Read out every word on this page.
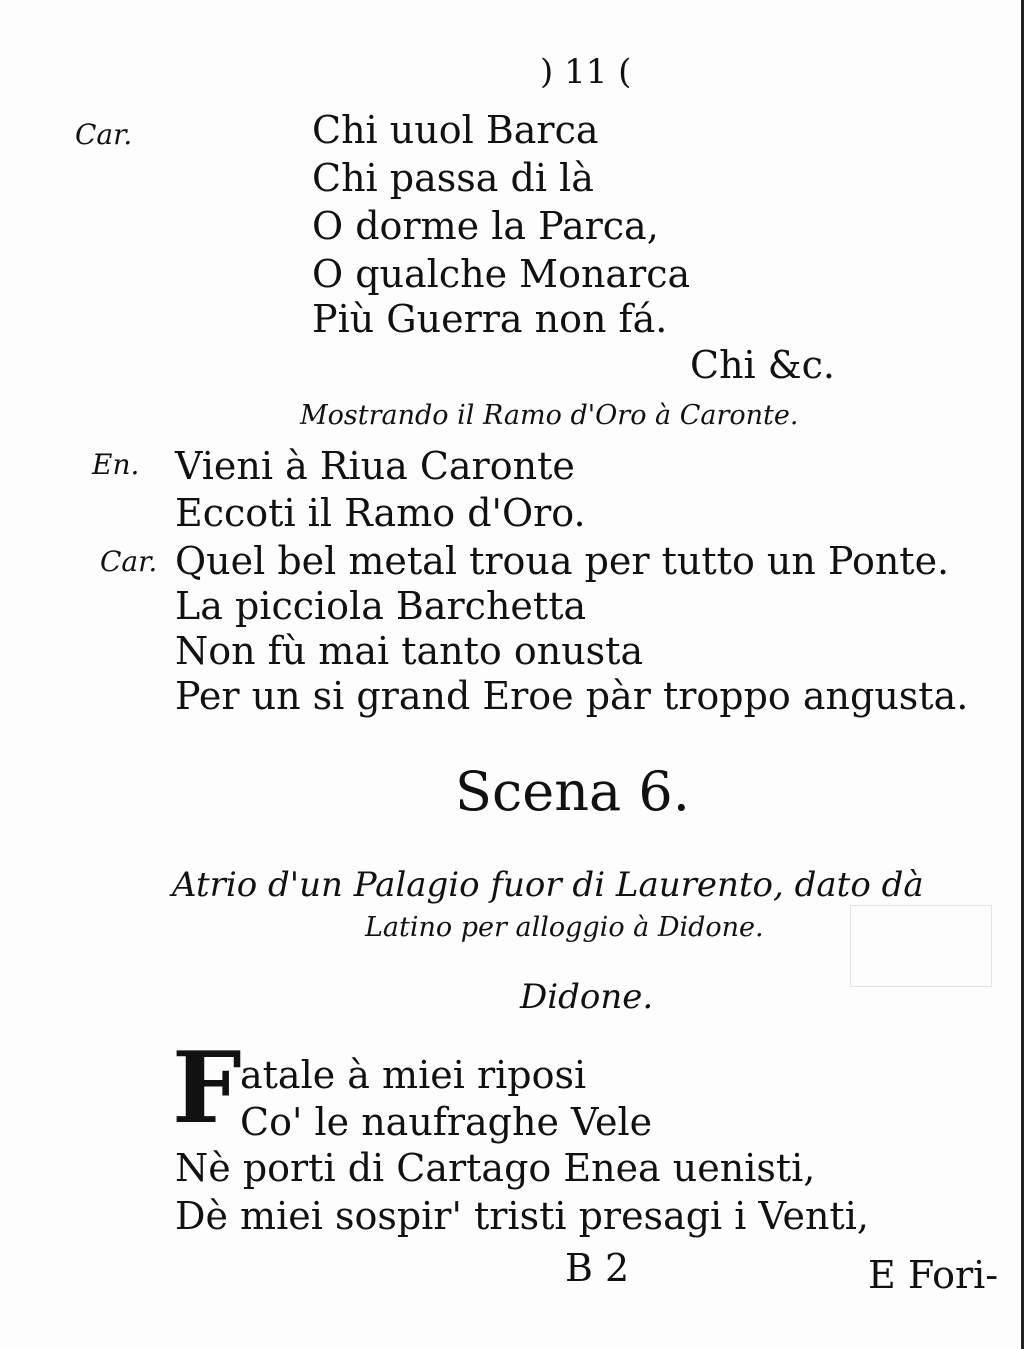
) 11 (
Car.	Chi uuol Barca
Chi passa di là
O dorme la Parca,
O qualche Monarca
Più Guerra non fá.
Chi &c.
Mostrando il Ramo d'Oro à Caronte.
En. Vieni à Riua Caronte
Eccoti il Ramo d'Oro.
Car. Quel bel metal troua per tutto un Ponte.
La picciola Barchetta
Non fù mai tanto onusta
Per un si grand Eroe pàr troppo angusta.
Scena 6.
Atrio d'un Palagio fuor di Laurento, dato dà
Latino per alloggio à Didone.
Didone.
F
atale à miei riposi
Co' le naufraghe Vele
Nè porti di Cartago Enea uenisti,
Dè miei sospir' tristi presagi i Venti,
B 2	E Fori-
